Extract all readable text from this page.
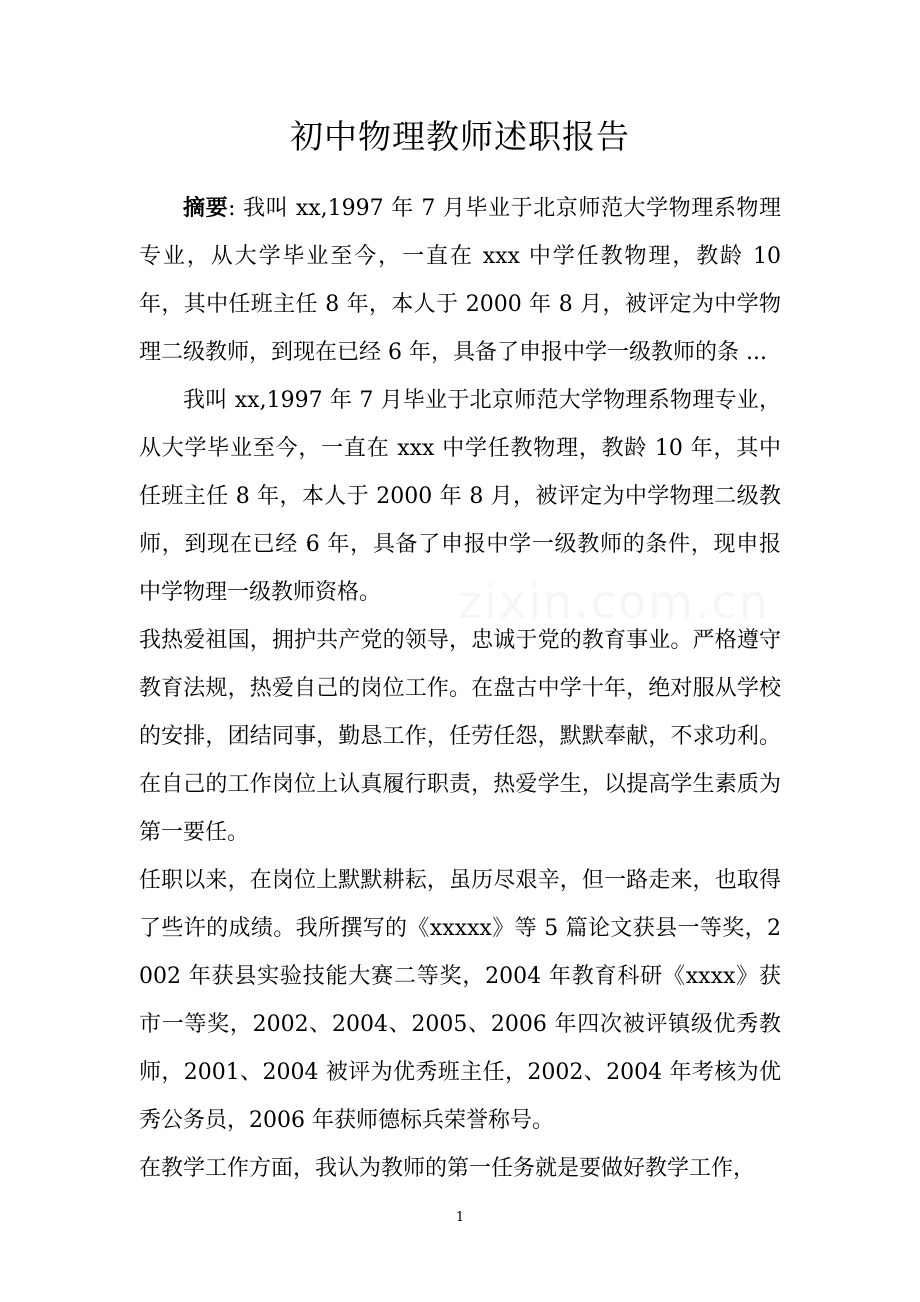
初中物理教师述职报告

摘要: 我叫 xx,1997 年 7 月毕业于北京师范大学物理系物理专业，从大学毕业至今，一直在 xxx 中学任教物理，教龄 10 年，其中任班主任 8 年，本人于 2000 年 8 月，被评定为中学物理二级教师，到现在已经 6 年，具备了申报中学一级教师的条 ...

我叫 xx,1997 年 7 月毕业于北京师范大学物理系物理专业，从大学毕业至今，一直在 xxx 中学任教物理，教龄 10 年，其中任班主任 8 年，本人于 2000 年 8 月，被评定为中学物理二级教师，到现在已经 6 年，具备了申报中学一级教师的条件，现申报中学物理一级教师资格。

我热爱祖国，拥护共产党的领导，忠诚于党的教育事业。严格遵守教育法规，热爱自己的岗位工作。在盘古中学十年，绝对服从学校的安排，团结同事，勤恳工作，任劳任怨，默默奉献，不求功利。在自己的工作岗位上认真履行职责，热爱学生，以提高学生素质为第一要任。

任职以来，在岗位上默默耕耘，虽历尽艰辛，但一路走来，也取得了些许的成绩。我所撰写的《xxxxx》等 5 篇论文获县一等奖，2002 年获县实验技能大赛二等奖，2004 年教育科研《xxxx》获市一等奖，2002、2004、2005、2006 年四次被评镇级优秀教师，2001、2004 被评为优秀班主任，2002、2004 年考核为优秀公务员，2006 年获师德标兵荣誉称号。

在教学工作方面，我认为教师的第一任务就是要做好教学工作，

zixin.com.cn
1
